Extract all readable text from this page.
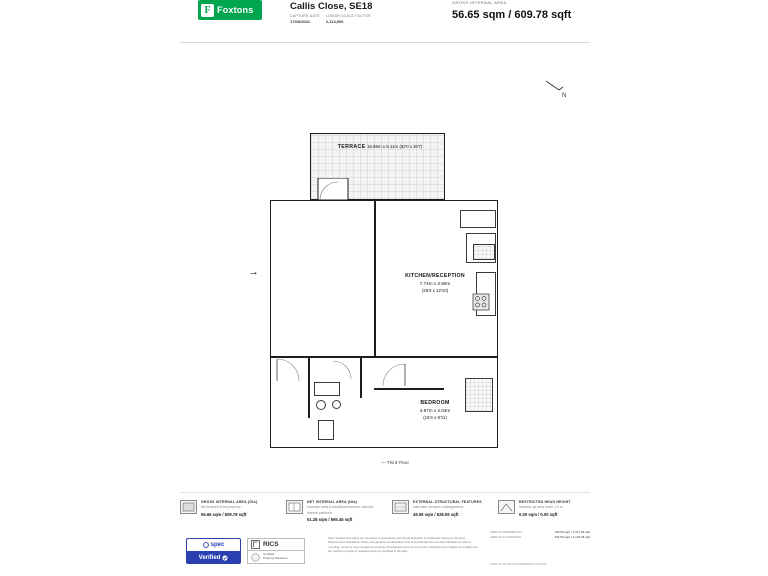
F Foxtons	Callis Close, SE18
CAPTURE DATE
17/06/2021
LINEAR SCALE FACTOR
2,114,000
GROSS INTERNAL AREA
56.65 sqm / 609.78 sqft
N
TERRACE 15.86m x 8.11m (52'0 x 26'7)
KITCHEN/RECEPTION
7.74m x 3.90m
(25'5 x 12'10)
BEDROOM
4.97m x 3.03m
(16'4 x 9'11)
→
— Third Floor
GROSS INTERNAL AREA (GIA)
the footprint of the property
56.65 sqm / 609.78 sqft
NET INTERNAL AREA (NIA)
excludes walls & traditional features, includes internal partitions
51.28 sqm / 565.45 sqft
EXTERNAL STRUCTURAL FEATURES
balconies, terraces, wintergardens
49.08 sqm / 528.08 sqft
RESTRICTED HEAD HEIGHT
handled, up-area under 1.5 m
0.00 sqm / 0.00 sqft
spec
Verified
RICS
Certified
Property Measurer
Spec Verified floor plans are produced in accordance with Royal Institution of Chartered Surveyors Property Measurement Standards. Plans and gardens are illustrative only and excluded from all area calculations. Due to rounding, numbers may not add up precisely. All areas/amounts shown for the individual room heights and widths are the maximum points of measurements as specified in the plan.
AREA IN RESIDENTIAL	709.60 sqm / 7,617.05 sqft
AREA IN ACCESSWAY	134.50 sqm / 1,123.46 sqft
SPEC ID 3D-MD2312184BD038U24/21C05
